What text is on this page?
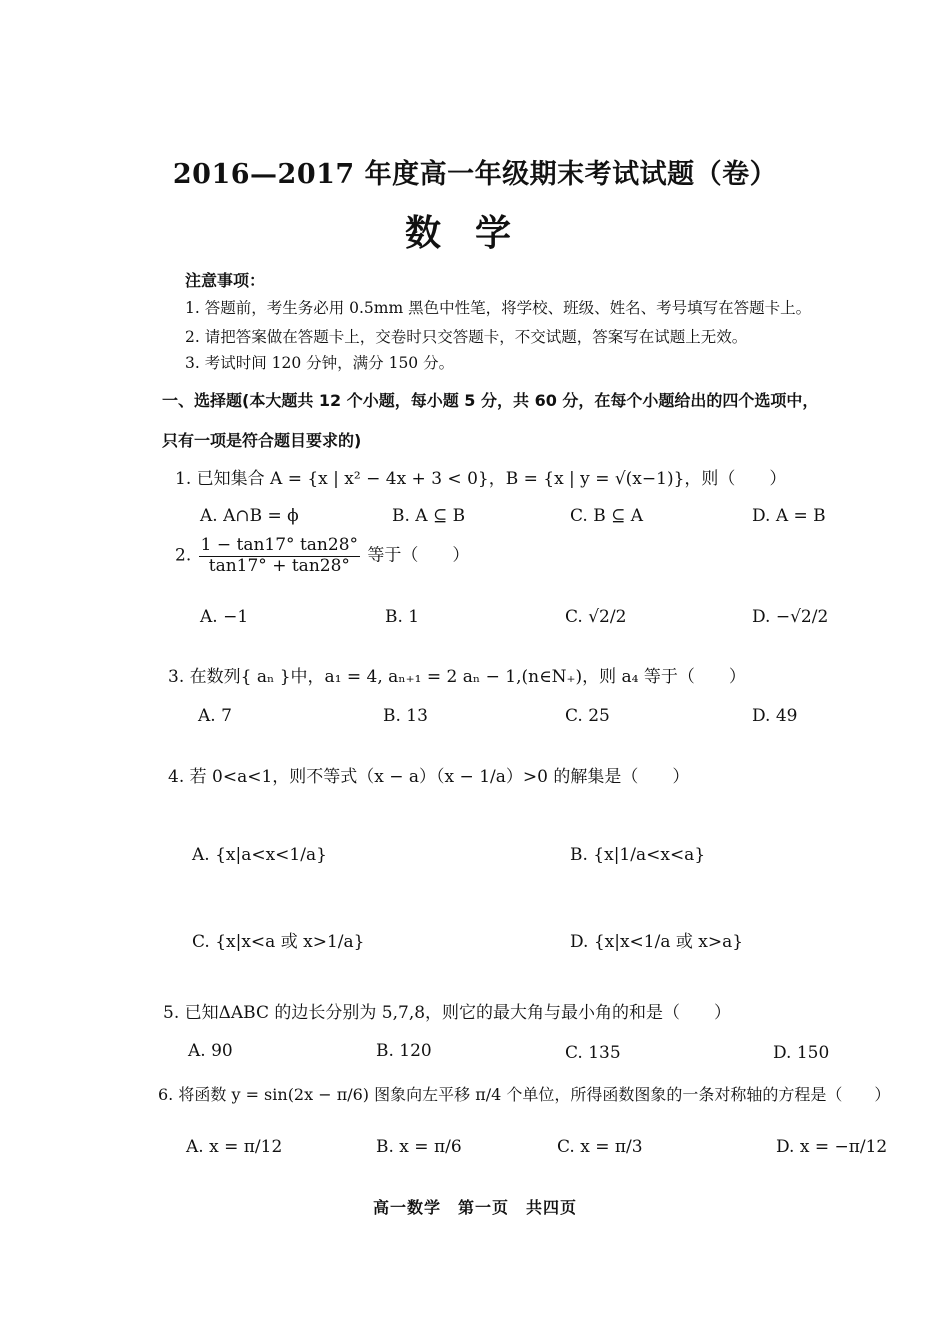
2016—2017 年度高一年级期末考试试题（卷）
数学
注意事项：
1. 答题前，考生务必用 0.5mm 黑色中性笔，将学校、班级、姓名、考号填写在答题卡上。
2. 请把答案做在答题卡上，交卷时只交答题卡，不交试题，答案写在试题上无效。
3. 考试时间 120 分钟，满分 150 分。
一、选择题(本大题共 12 个小题，每小题 5 分，共 60 分，在每个小题给出的四个选项中，
只有一项是符合题目要求的)
1. 已知集合 A = {x | x² − 4x + 3 < 0}，B = {x | y = √(x−1)}，则（　　）
A. A∩B = ϕ	B. A ⊆ B	C. B ⊆ A	D. A = B
2. $\frac{1 - \tan 17^\circ \tan 28^\circ}{\tan 17^\circ + \tan 28^\circ}$ 等于（　　）
A. −1	B. 1	C. √2/2	D. −√2/2
3. 在数列{ aₙ }中，a₁ = 4, aₙ₊₁ = 2 aₙ − 1,(n∈N₊)，则 a₄ 等于（　　）
A. 7	B. 13	C. 25	D. 49
4. 若 0<a<1，则不等式（x − a）（x − 1/a）>0 的解集是（　　）
A. {x|a<x<1/a}	B. {x|1/a<x<a}
C. {x|x<a 或 x>1/a}	D. {x|x<1/a 或 x>a}
5. 已知ΔABC 的边长分别为 5,7,8，则它的最大角与最小角的和是（　　）
A. 90	B. 120	C. 135	D. 150
6. 将函数 y = sin(2x − π/6) 图象向左平移 π/4 个单位，所得函数图象的一条对称轴的方程是（　　）
A. x = π/12	B. x = π/6	C. x = π/3	D. x = −π/12
高一数学　第一页　共四页
